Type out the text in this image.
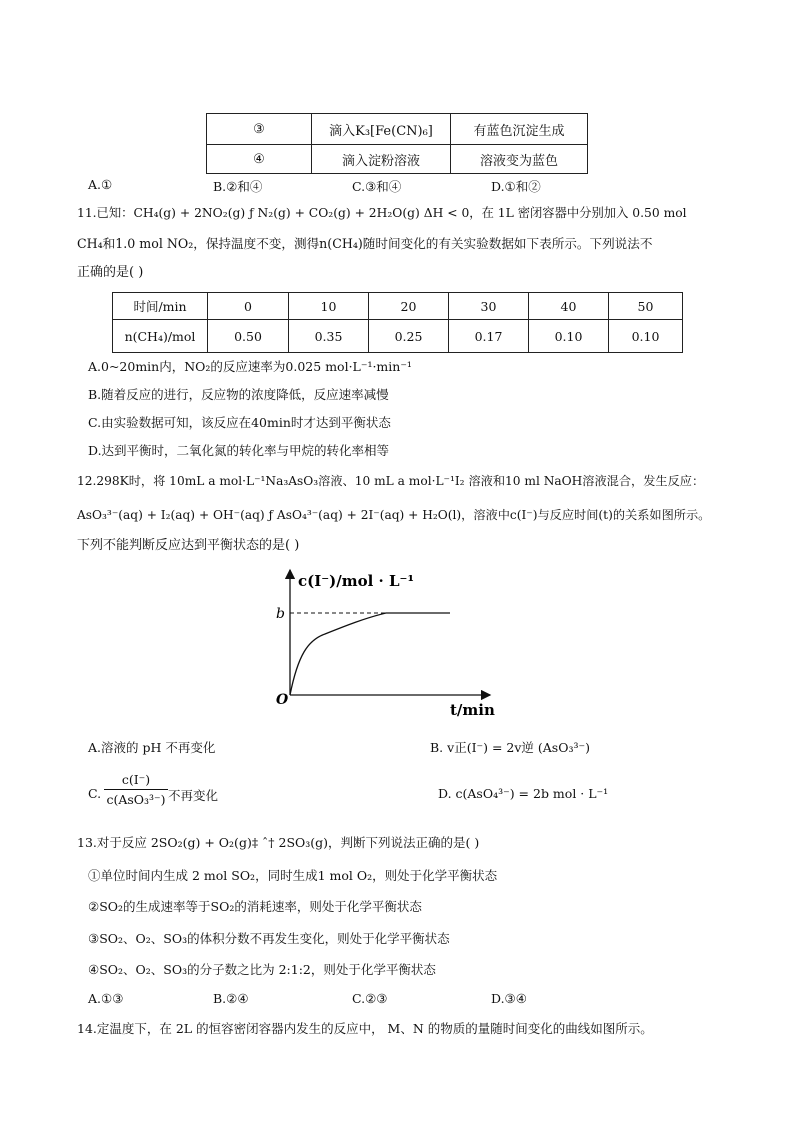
③	滴入K₃[Fe(CN)₆]	有蓝色沉淀生成
④	滴入淀粉溶液	溶液变为蓝色
A.①	B.②和④	C.③和④	D.①和②
11.已知：CH₄(g) + 2NO₂(g) ƒ N₂(g) + CO₂(g) + 2H₂O(g) ΔH < 0，在 1L 密闭容器中分别加入 0.50 mol
CH₄和1.0 mol NO₂，保持温度不变，测得n(CH₄)随时间变化的有关实验数据如下表所示。下列说法不
正确的是( )
时间/min	0	10	20	30	40	50
n(CH₄)/mol	0.50	0.35	0.25	0.17	0.10	0.10
A.0~20min内，NO₂的反应速率为0.025 mol·L⁻¹·min⁻¹
B.随着反应的进行，反应物的浓度降低，反应速率减慢
C.由实验数据可知，该反应在40min时才达到平衡状态
D.达到平衡时，二氧化氮的转化率与甲烷的转化率相等
12.298K时，将 10mL a mol·L⁻¹Na₃AsO₃溶液、10 mL a mol·L⁻¹I₂ 溶液和10 ml NaOH溶液混合，发生反应：
AsO₃³⁻(aq) + I₂(aq) + OH⁻(aq) ƒ AsO₄³⁻(aq) + 2I⁻(aq) + H₂O(l)，溶液中c(I⁻)与反应时间(t)的关系如图所示。
下列不能判断反应达到平衡状态的是( )
c(I⁻)/mol · L⁻¹
b
O
t/min
A.溶液的 pH 不再变化	B. v正(I⁻) = 2v逆 (AsO₃³⁻)
C.
c(I⁻)
c(AsO₃³⁻) 不再变化	D. c(AsO₄³⁻) = 2b mol · L⁻¹
13.对于反应 2SO₂(g) + O₂(g)‡ ˆ† 2SO₃(g)，判断下列说法正确的是( )
①单位时间内生成 2 mol SO₂，同时生成1 mol O₂，则处于化学平衡状态
②SO₂的生成速率等于SO₂的消耗速率，则处于化学平衡状态
③SO₂、O₂、SO₃的体积分数不再发生变化，则处于化学平衡状态
④SO₂、O₂、SO₃的分子数之比为 2:1:2，则处于化学平衡状态
A.①③	B.②④	C.②③	D.③④
14.定温度下，在 2L 的恒容密闭容器内发生的反应中， M、N 的物质的量随时间变化的曲线如图所示。
